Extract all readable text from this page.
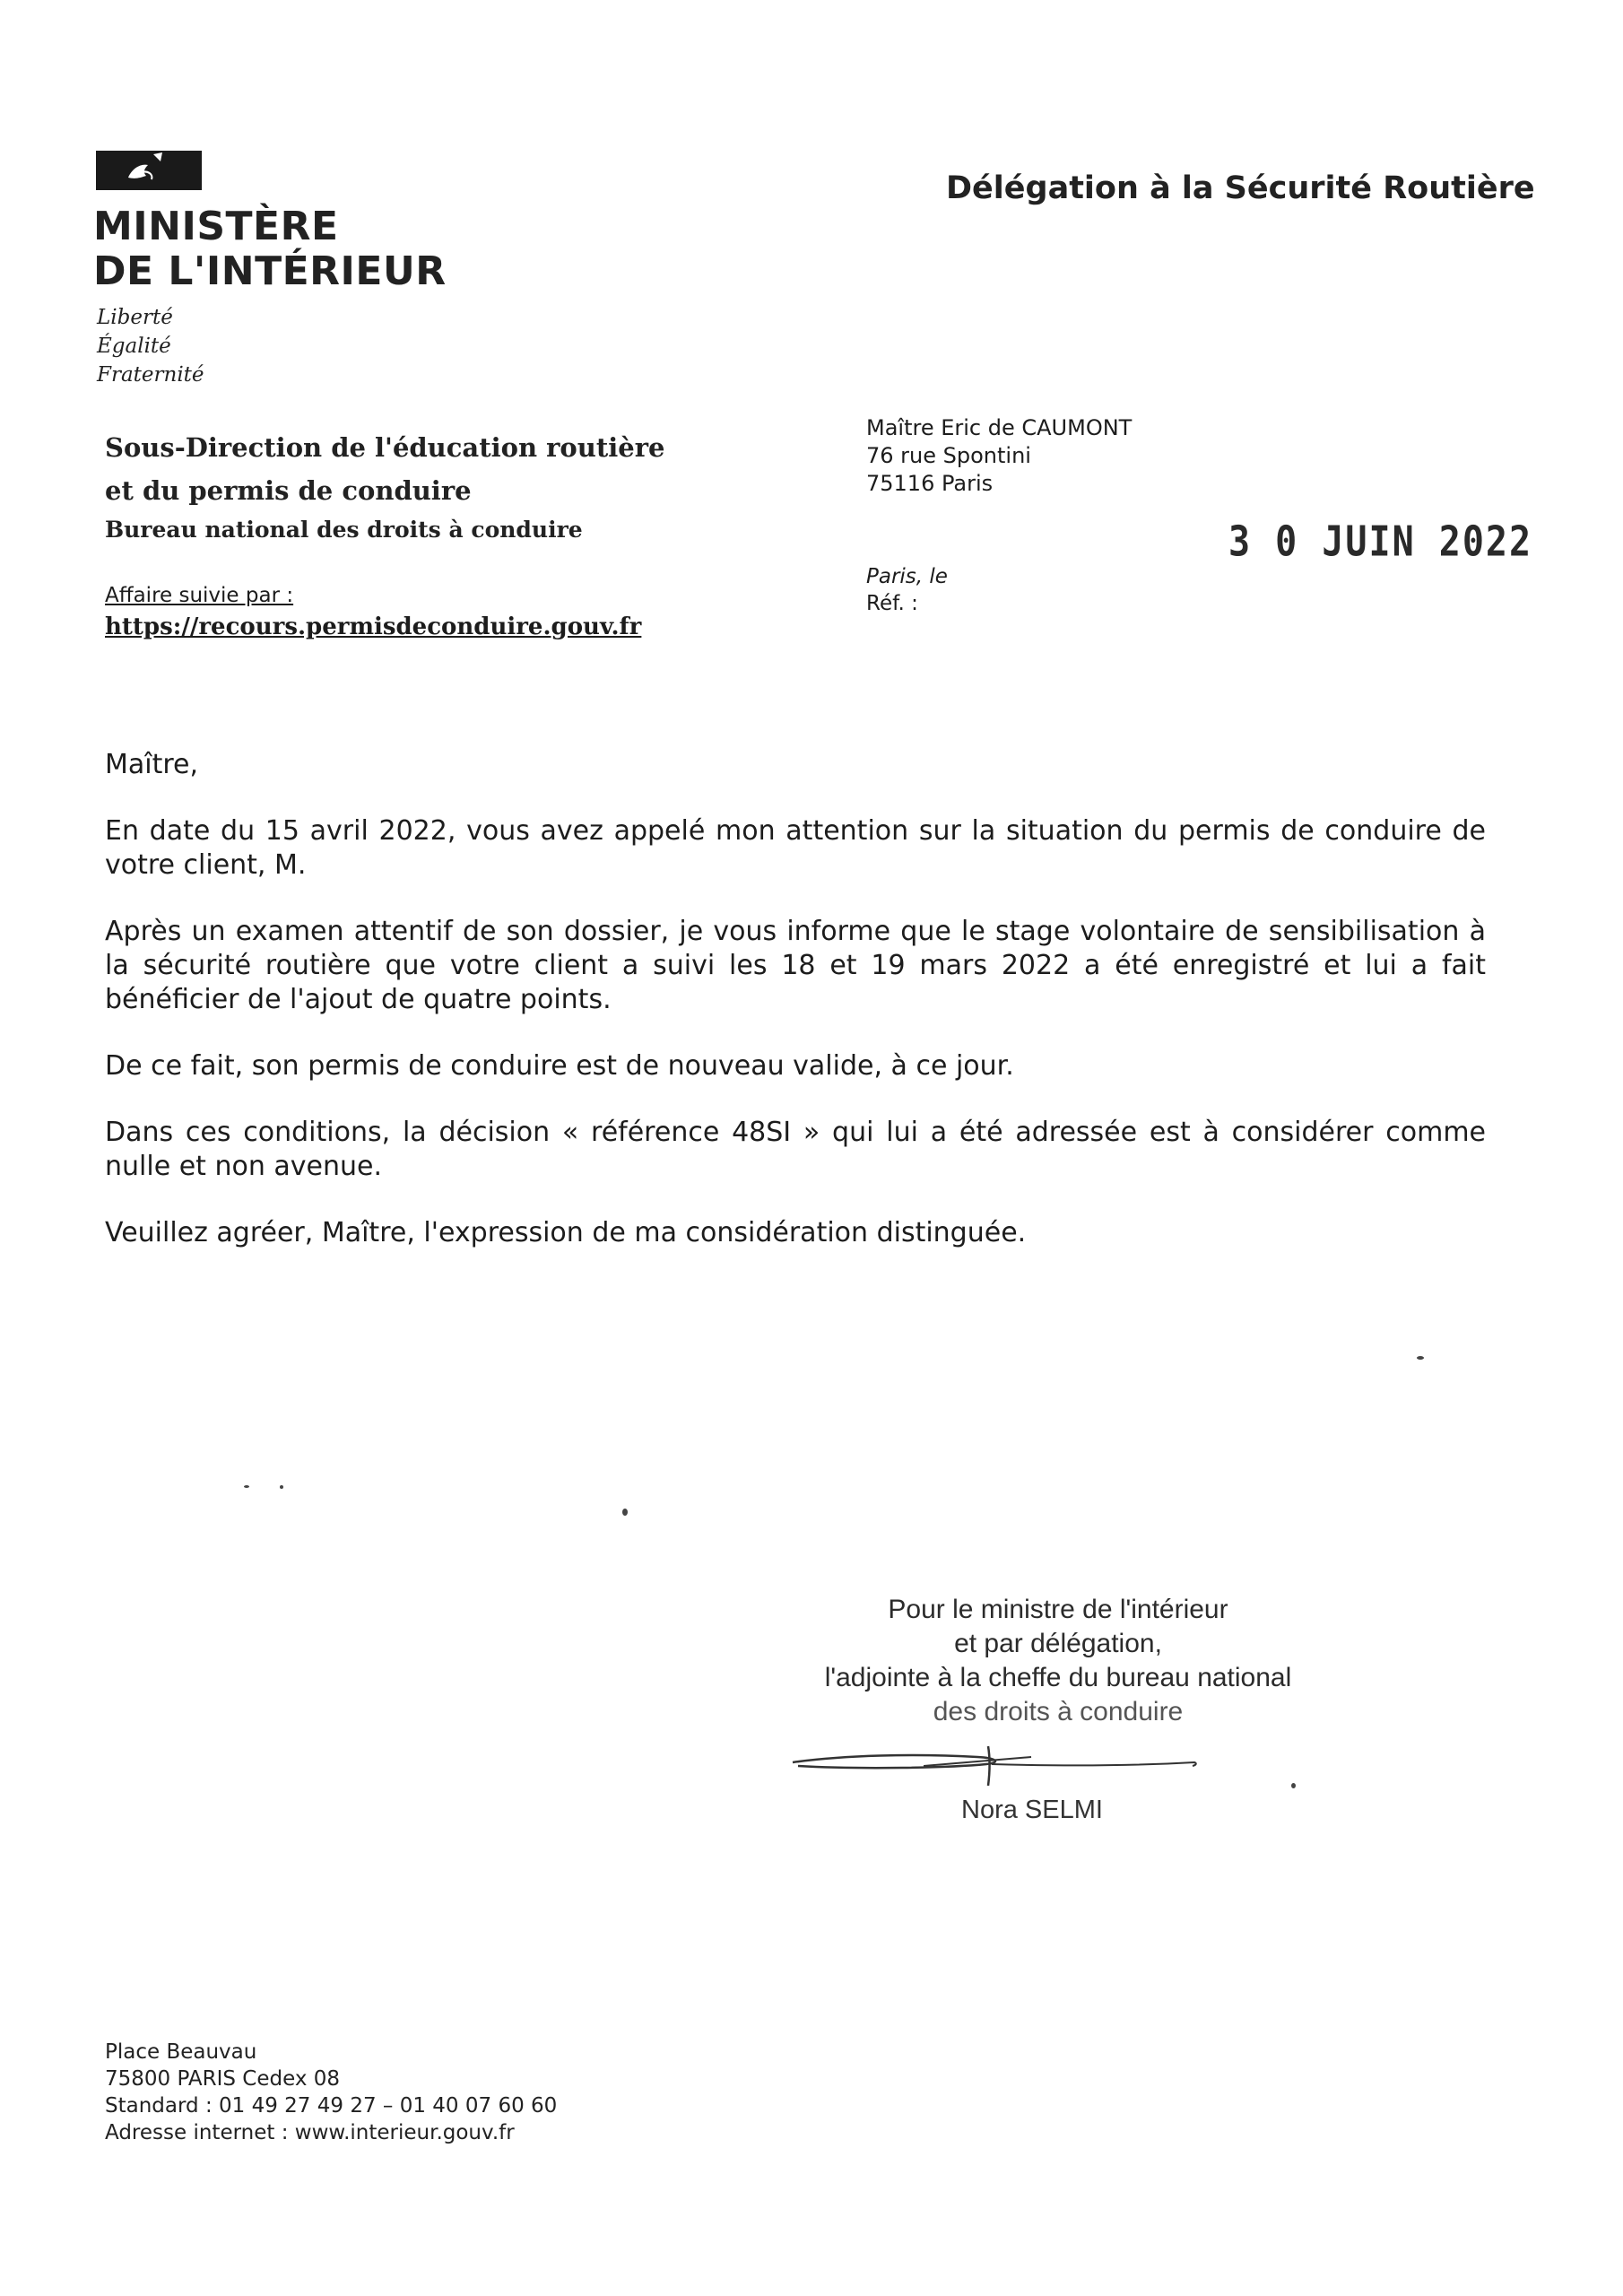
MINISTÈRE
DE L'INTÉRIEUR
Liberté
Égalité
Fraternité
Délégation à la Sécurité Routière
Sous-Direction de l'éducation routière
et du permis de conduire
Bureau national des droits à conduire
Affaire suivie par :
https://recours.permisdeconduire.gouv.fr
Maître Eric de CAUMONT
76 rue Spontini
75116 Paris
3 0 JUIN 2022
Paris, le
Réf. :

Maître,

En date du 15 avril 2022, vous avez appelé mon attention sur la situation du permis de conduire de votre client, M.

Après un examen attentif de son dossier, je vous informe que le stage volontaire de sensibilisation à la sécurité routière que votre client a suivi les 18 et 19 mars 2022 a été enregistré et lui a fait bénéficier de l'ajout de quatre points.

De ce fait, son permis de conduire est de nouveau valide, à ce jour.

Dans ces conditions, la décision « référence 48SI » qui lui a été adressée est à considérer comme nulle et non avenue.

Veuillez agréer, Maître, l'expression de ma considération distinguée.

Pour le ministre de l'intérieur
et par délégation,
l'adjointe à la cheffe du bureau national
des droits à conduire
Nora SELMI
Place Beauvau
75800 PARIS Cedex 08
Standard : 01 49 27 49 27 – 01 40 07 60 60
Adresse internet : www.interieur.gouv.fr
